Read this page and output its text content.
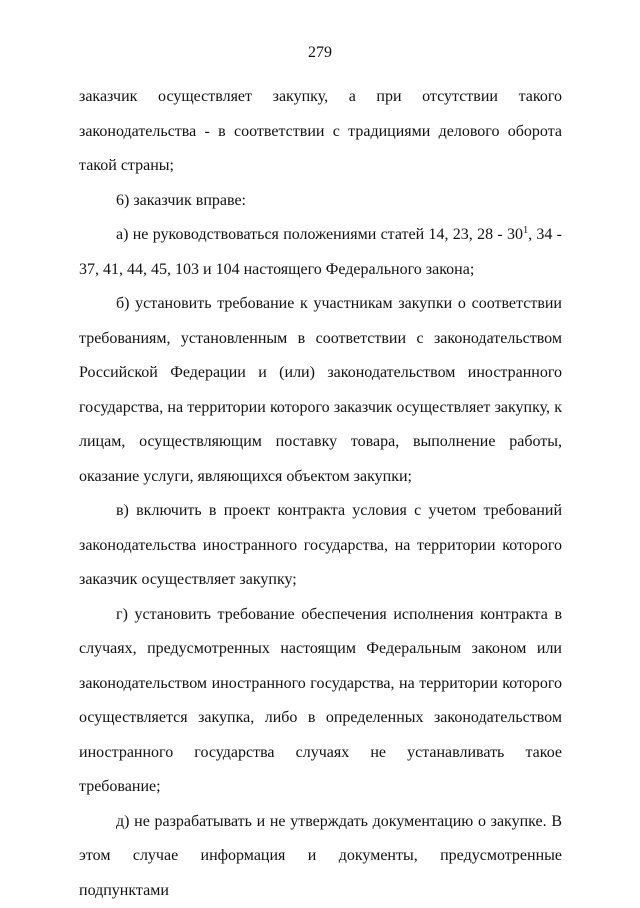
279

заказчик осуществляет закупку, а при отсутствии такого законодательства - в соответствии с традициями делового оборота такой страны;

6) заказчик вправе:

а) не руководствоваться положениями статей 14, 23, $28 - 30^1$, 34 - 37, 41, 44, 45, 103 и 104 настоящего Федерального закона;

б) установить требование к участникам закупки о соответствии требованиям, установленным в соответствии с законодательством Российской Федерации и (или) законодательством иностранного государства, на территории которого заказчик осуществляет закупку, к лицам, осуществляющим поставку товара, выполнение работы, оказание услуги, являющихся объектом закупки;

в) включить в проект контракта условия с учетом требований законодательства иностранного государства, на территории которого заказчик осуществляет закупку;

г) установить требование обеспечения исполнения контракта в случаях, предусмотренных настоящим Федеральным законом или законодательством иностранного государства, на территории которого осуществляется закупка, либо в определенных законодательством иностранного государства случаях не устанавливать такое требование;

д) не разрабатывать и не утверждать документацию о закупке. В этом случае информация и документы, предусмотренные подпунктами
